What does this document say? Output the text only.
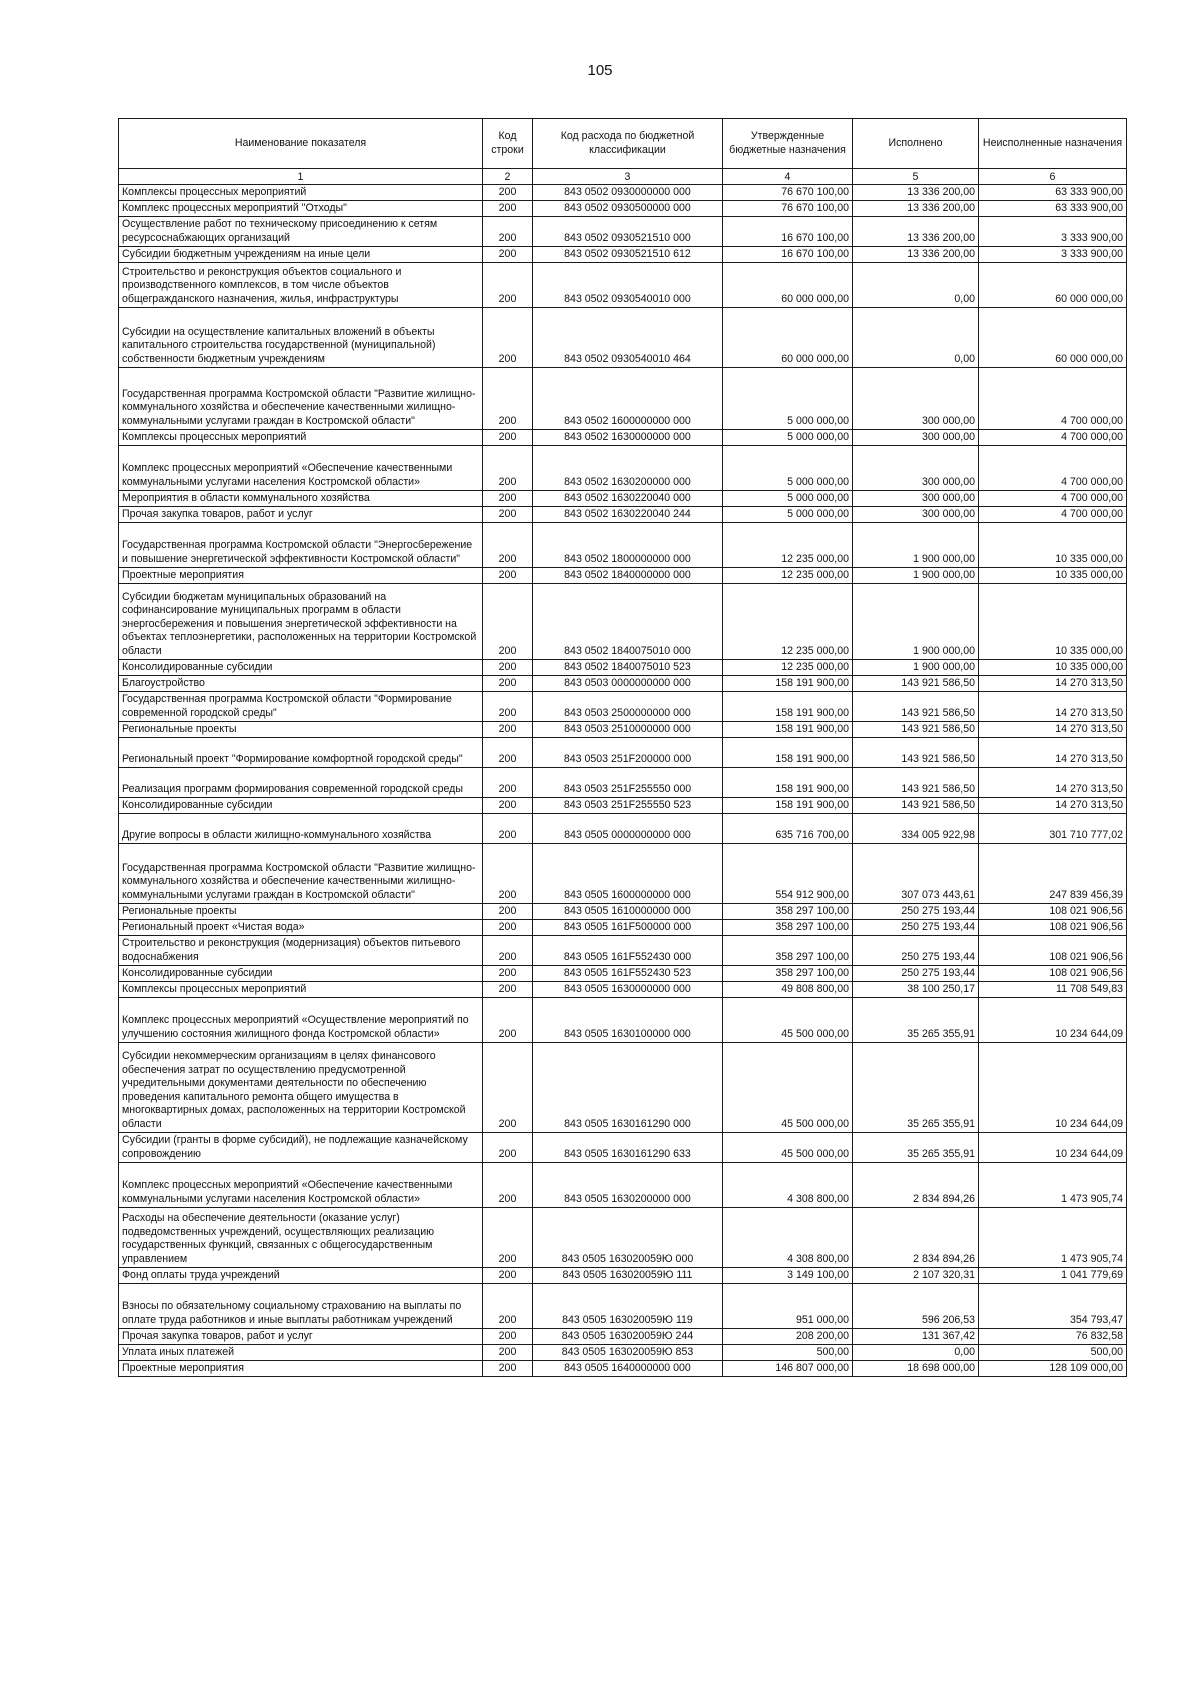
105
Наименование показателя	Код строки	Код расхода по бюджетной классификации	Утвержденные бюджетные назначения	Исполнено	Неисполненные назначения
1	2	3	4	5	6
Комплексы процессных мероприятий	200	843 0502 0930000000 000	76 670 100,00	13 336 200,00	63 333 900,00
Комплекс процессных мероприятий "Отходы"	200	843 0502 0930500000 000	76 670 100,00	13 336 200,00	63 333 900,00
Осуществление работ по техническому присоединению к сетям ресурсоснабжающих организаций	200	843 0502 0930521510 000	16 670 100,00	13 336 200,00	3 333 900,00
Субсидии бюджетным учреждениям на иные цели	200	843 0502 0930521510 612	16 670 100,00	13 336 200,00	3 333 900,00
Строительство и реконструкция объектов социального и производственного комплексов, в том числе объектов общегражданского назначения, жилья, инфраструктуры	200	843 0502 0930540010 000	60 000 000,00	0,00	60 000 000,00
Субсидии на осуществление капитальных вложений в объекты капитального строительства государственной (муниципальной) собственности бюджетным учреждениям	200	843 0502 0930540010 464	60 000 000,00	0,00	60 000 000,00
Государственная программа Костромской области "Развитие жилищно-коммунального хозяйства и обеспечение качественными жилищно-коммунальными услугами граждан в Костромской области"	200	843 0502 1600000000 000	5 000 000,00	300 000,00	4 700 000,00
Комплексы процессных мероприятий	200	843 0502 1630000000 000	5 000 000,00	300 000,00	4 700 000,00
Комплекс процессных мероприятий «Обеспечение качественными коммунальными услугами населения Костромской области»	200	843 0502 1630200000 000	5 000 000,00	300 000,00	4 700 000,00
Мероприятия в области коммунального хозяйства	200	843 0502 1630220040 000	5 000 000,00	300 000,00	4 700 000,00
Прочая закупка товаров, работ и услуг	200	843 0502 1630220040 244	5 000 000,00	300 000,00	4 700 000,00
Государственная программа Костромской области "Энергосбережение и повышение энергетической эффективности Костромской области"	200	843 0502 1800000000 000	12 235 000,00	1 900 000,00	10 335 000,00
Проектные мероприятия	200	843 0502 1840000000 000	12 235 000,00	1 900 000,00	10 335 000,00
Субсидии бюджетам муниципальных образований на софинансирование муниципальных программ в области энергосбережения и повышения энергетической эффективности на объектах теплоэнергетики, расположенных на территории Костромской области	200	843 0502 1840075010 000	12 235 000,00	1 900 000,00	10 335 000,00
Консолидированные субсидии	200	843 0502 1840075010 523	12 235 000,00	1 900 000,00	10 335 000,00
Благоустройство	200	843 0503 0000000000 000	158 191 900,00	143 921 586,50	14 270 313,50
Государственная программа Костромской области "Формирование современной городской среды"	200	843 0503 2500000000 000	158 191 900,00	143 921 586,50	14 270 313,50
Региональные проекты	200	843 0503 2510000000 000	158 191 900,00	143 921 586,50	14 270 313,50
Региональный проект "Формирование комфортной городской среды"	200	843 0503 251F200000 000	158 191 900,00	143 921 586,50	14 270 313,50
Реализация программ формирования современной городской среды	200	843 0503 251F255550 000	158 191 900,00	143 921 586,50	14 270 313,50
Консолидированные субсидии	200	843 0503 251F255550 523	158 191 900,00	143 921 586,50	14 270 313,50
Другие вопросы в области жилищно-коммунального хозяйства	200	843 0505 0000000000 000	635 716 700,00	334 005 922,98	301 710 777,02
Государственная программа Костромской области "Развитие жилищно-коммунального хозяйства и обеспечение качественными жилищно-коммунальными услугами граждан в Костромской области"	200	843 0505 1600000000 000	554 912 900,00	307 073 443,61	247 839 456,39
Региональные проекты	200	843 0505 1610000000 000	358 297 100,00	250 275 193,44	108 021 906,56
Региональный проект «Чистая вода»	200	843 0505 161F500000 000	358 297 100,00	250 275 193,44	108 021 906,56
Строительство и реконструкция (модернизация) объектов питьевого водоснабжения	200	843 0505 161F552430 000	358 297 100,00	250 275 193,44	108 021 906,56
Консолидированные субсидии	200	843 0505 161F552430 523	358 297 100,00	250 275 193,44	108 021 906,56
Комплексы процессных мероприятий	200	843 0505 1630000000 000	49 808 800,00	38 100 250,17	11 708 549,83
Комплекс процессных мероприятий «Осуществление мероприятий по улучшению состояния жилищного фонда Костромской области»	200	843 0505 1630100000 000	45 500 000,00	35 265 355,91	10 234 644,09
Субсидии некоммерческим организациям в целях финансового обеспечения затрат по осуществлению предусмотренной учредительными документами деятельности по обеспечению проведения капитального ремонта общего имущества в многоквартирных домах, расположенных на территории Костромской области	200	843 0505 1630161290 000	45 500 000,00	35 265 355,91	10 234 644,09
Субсидии (гранты в форме субсидий), не подлежащие казначейскому сопровождению	200	843 0505 1630161290 633	45 500 000,00	35 265 355,91	10 234 644,09
Комплекс процессных мероприятий «Обеспечение качественными коммунальными услугами населения Костромской области»	200	843 0505 1630200000 000	4 308 800,00	2 834 894,26	1 473 905,74
Расходы на обеспечение деятельности (оказание услуг) подведомственных учреждений, осуществляющих реализацию государственных функций, связанных с общегосударственным управлением	200	843 0505 163020059Ю 000	4 308 800,00	2 834 894,26	1 473 905,74
Фонд оплаты труда учреждений	200	843 0505 163020059Ю 111	3 149 100,00	2 107 320,31	1 041 779,69
Взносы по обязательному социальному страхованию на выплаты по оплате труда работников и иные выплаты работникам учреждений	200	843 0505 163020059Ю 119	951 000,00	596 206,53	354 793,47
Прочая закупка товаров, работ и услуг	200	843 0505 163020059Ю 244	208 200,00	131 367,42	76 832,58
Уплата иных платежей	200	843 0505 163020059Ю 853	500,00	0,00	500,00
Проектные мероприятия	200	843 0505 1640000000 000	146 807 000,00	18 698 000,00	128 109 000,00
